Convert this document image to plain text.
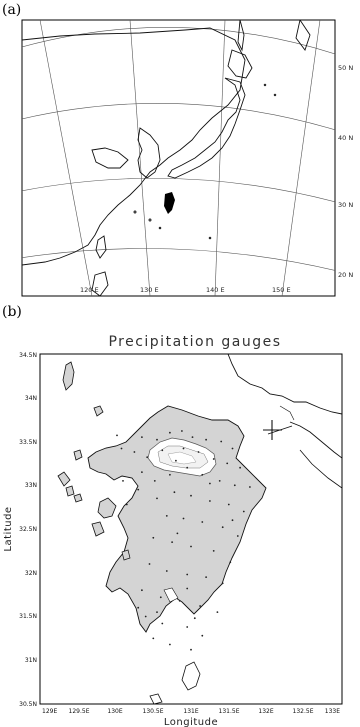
(a)
50 N
40 N
30 N
20 N
120 E	130 E	140 E	150 E
(b)
Precipitation gauges
34.5N
34N
33.5N
33N
32.5N
32N
31.5N
31N
30.5N
129E 129.5E	130E	130.5E	131E	131.5E	132E	132.5E 133E
Longitude
Latitude
